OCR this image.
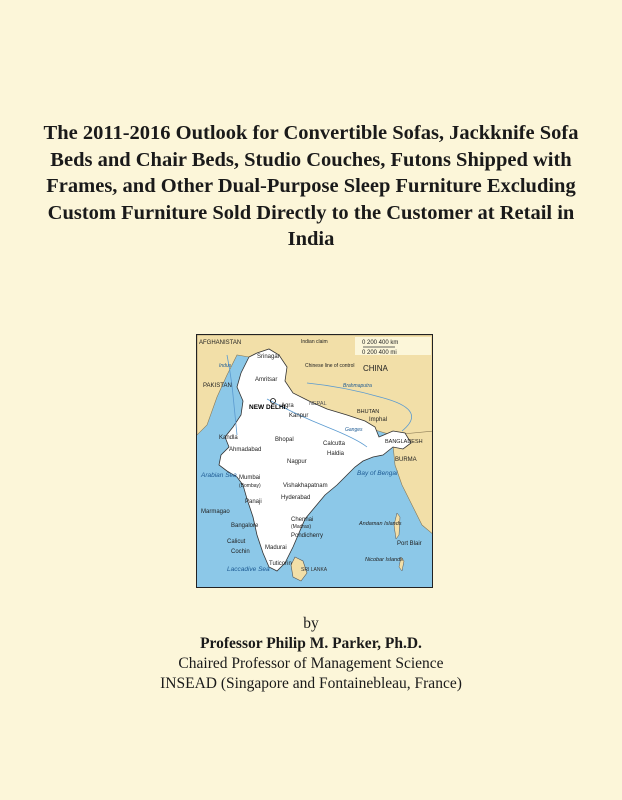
The 2011-2016 Outlook for Convertible Sofas, Jackknife Sofa Beds and Chair Beds, Studio Couches, Futons Shipped with Frames, and Other Dual-Purpose Sleep Furniture Excluding Custom Furniture Sold Directly to the Customer at Retail in India
0 200 400 km
0 200 400 mi
AFGHANISTAN
PAKISTAN
CHINA
NEPAL
BHUTAN
BANGLADESH
BURMA
SRI LANKA
Indian claim
Chinese line of control
NEW DELHI
Srinagar
Amritsar
Agra
Kanpur
Kandla
Ahmadabad
Bhopal
Nagpur
Calcutta
Haldia
Imphal
Mumbai
(Bombay)	Vishakhapatnam
Hyderabad
Panaji
Marmagao
Bangalore
Chennai
(Madras)
Pondicherry
Calicut
Cochin
Madurai
Tuticorin
Port Blair
Andaman Islands
Nicobar Islands
Arabian Sea	Bay of Bengal
Laccadive Sea
Indus
Brahmaputra
Ganges
by
Professor Philip M. Parker, Ph.D.
Chaired Professor of Management Science
INSEAD (Singapore and Fontainebleau, France)
